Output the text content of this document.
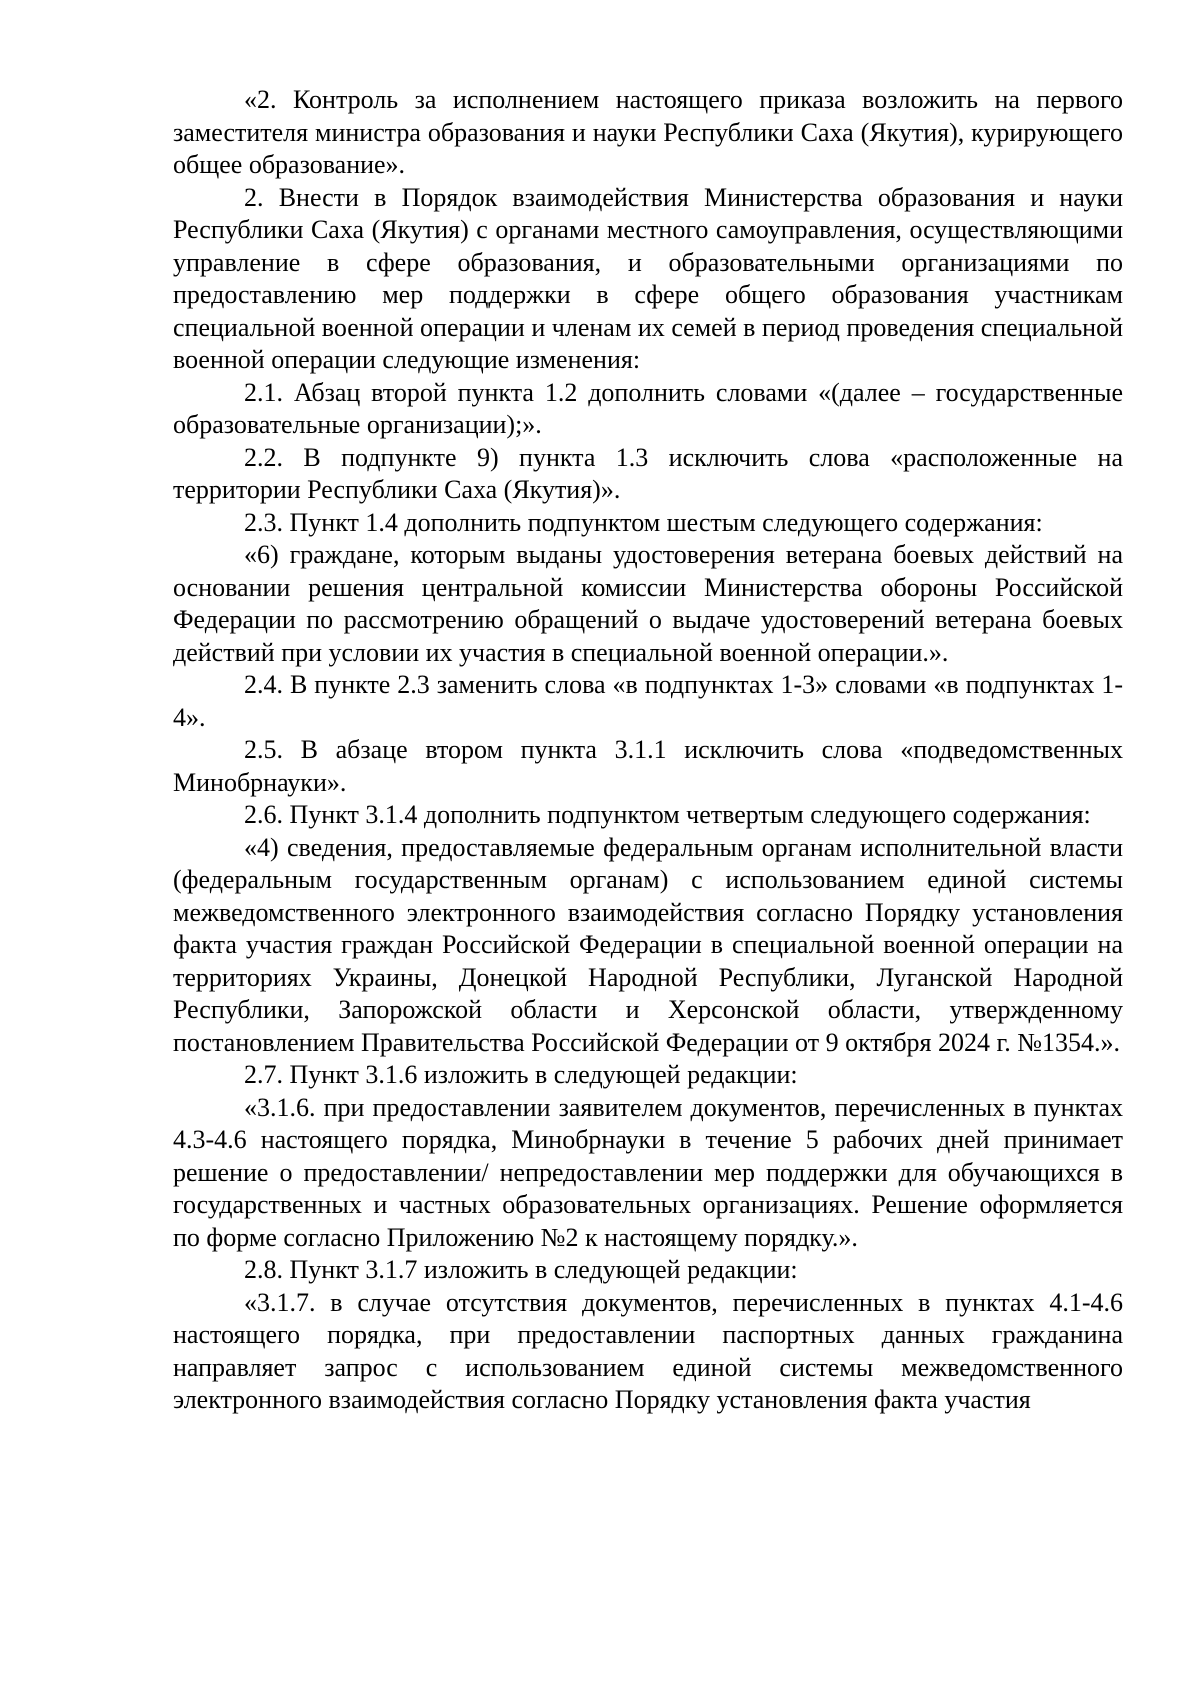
«2. Контроль за исполнением настоящего приказа возложить на первого заместителя министра образования и науки Республики Саха (Якутия), курирующего общее образование».

2. Внести в Порядок взаимодействия Министерства образования и науки Республики Саха (Якутия) с органами местного самоуправления, осуществляющими управление в сфере образования, и образовательными организациями по предоставлению мер поддержки в сфере общего образования участникам специальной военной операции и членам их семей в период проведения специальной военной операции следующие изменения:

2.1. Абзац второй пункта 1.2 дополнить словами «(далее – государственные образовательные организации);».

2.2. В подпункте 9) пункта 1.3 исключить слова «расположенные на территории Республики Саха (Якутия)».

2.3. Пункт 1.4 дополнить подпунктом шестым следующего содержания:

«6) граждане, которым выданы удостоверения ветерана боевых действий на основании решения центральной комиссии Министерства обороны Российской Федерации по рассмотрению обращений о выдаче удостоверений ветерана боевых действий при условии их участия в специальной военной операции.».

2.4. В пункте 2.3 заменить слова «в подпунктах 1-3» словами «в подпунктах 1-4».

2.5. В абзаце втором пункта 3.1.1 исключить слова «подведомственных Минобрнауки».

2.6. Пункт 3.1.4 дополнить подпунктом четвертым следующего содержания:

«4) сведения, предоставляемые федеральным органам исполнительной власти (федеральным государственным органам) с использованием единой системы межведомственного электронного взаимодействия согласно Порядку установления факта участия граждан Российской Федерации в специальной военной операции на территориях Украины, Донецкой Народной Республики, Луганской Народной Республики, Запорожской области и Херсонской области, утвержденному постановлением Правительства Российской Федерации от 9 октября 2024 г. №1354.».

2.7. Пункт 3.1.6 изложить в следующей редакции:

«3.1.6. при предоставлении заявителем документов, перечисленных в пунктах 4.3-4.6 настоящего порядка, Минобрнауки в течение 5 рабочих дней принимает решение о предоставлении/ непредоставлении мер поддержки для обучающихся в государственных и частных образовательных организациях. Решение оформляется по форме согласно Приложению №2 к настоящему порядку.».

2.8. Пункт 3.1.7 изложить в следующей редакции:

«3.1.7. в случае отсутствия документов, перечисленных в пунктах 4.1-4.6 настоящего порядка, при предоставлении паспортных данных гражданина направляет запрос с использованием единой системы межведомственного электронного взаимодействия согласно Порядку установления факта участия
